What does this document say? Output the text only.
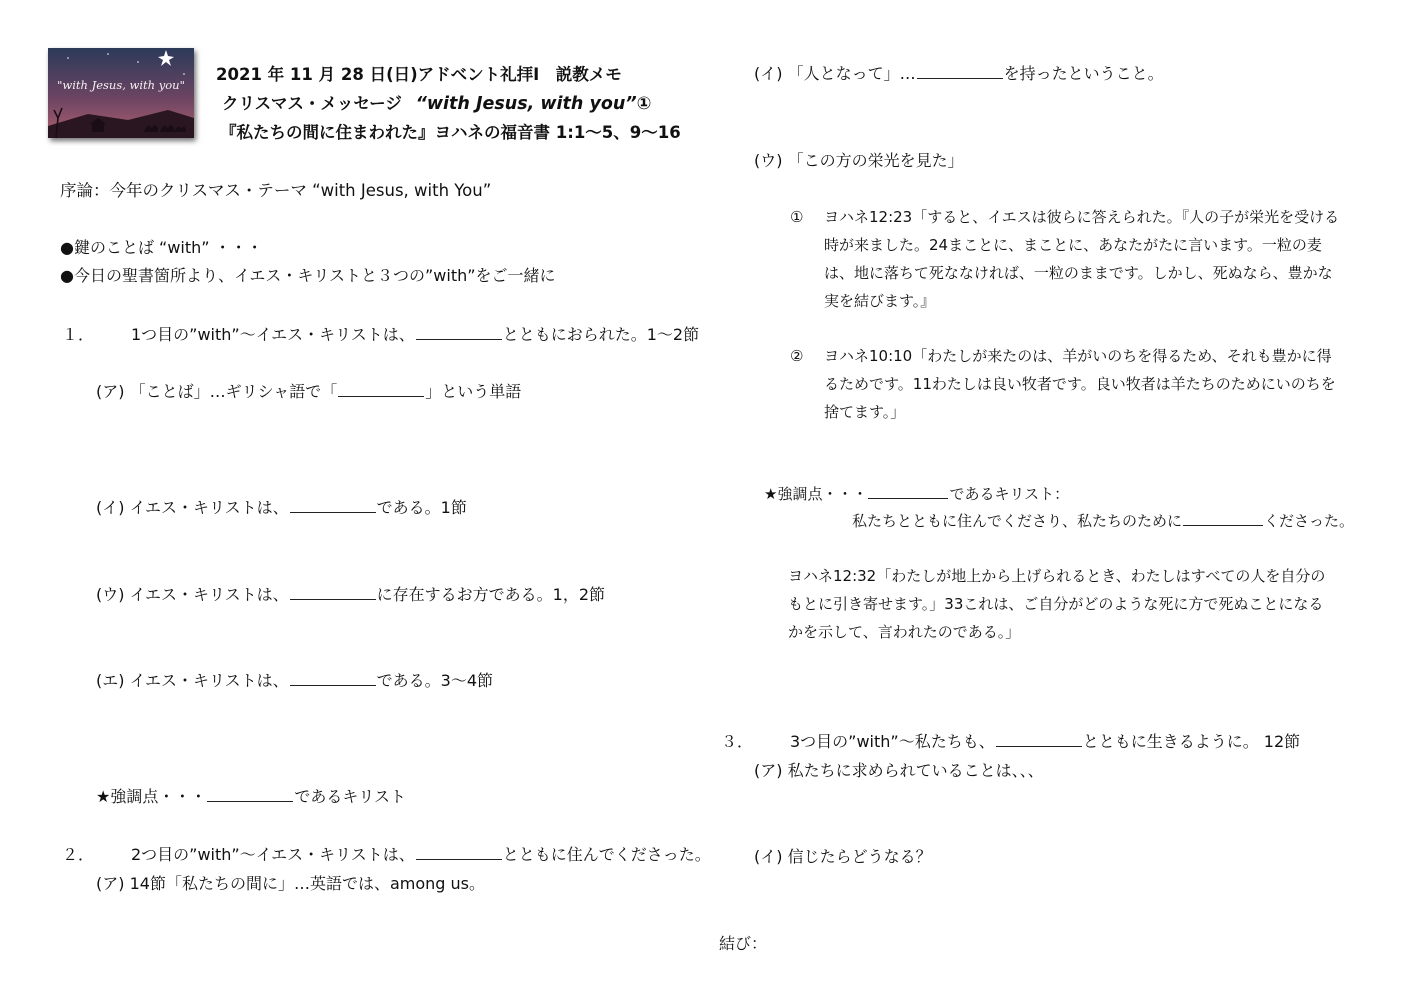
"with Jesus, with you"
2021 年 11 月 28 日(日)アドベント礼拝Ⅰ　説教メモ
クリスマス・メッセージ “with Jesus, with you”①
『私たちの間に住まわれた』ヨハネの福音書 1:1～5、9～16
序論：今年のクリスマス・テーマ “with Jesus, with You”
●鍵のことば “with” ・・・
●今日の聖書箇所より、イエス・キリストと３つの”with”をご一緒に
１． 1つ目の”with”～イエス・キリストは、	とともにおられた。1～2節
(ア) 「ことば」…ギリシャ語で「	」という単語
(イ) イエス・キリストは、	である。1節
(ウ) イエス・キリストは、	に存在するお方である。1，2節
(エ) イエス・キリストは、	である。3～4節
★強調点・・・	であるキリスト
２． 2つ目の”with”～イエス・キリストは、	とともに住んでくださった。
(ア) 14節「私たちの間に」…英語では、among us。
(イ) 「人となって」…	を持ったということ。
(ウ) 「この方の栄光を見た」
① ヨハネ12:23「すると、イエスは彼らに答えられた。『人の子が栄光を受ける時が来ました。24まことに、まことに、あなたがたに言います。一粒の麦は、地に落ちて死ななければ、一粒のままです。しかし、死ぬなら、豊かな実を結びます。』
② ヨハネ10:10「わたしが来たのは、羊がいのちを得るため、それも豊かに得るためです。11わたしは良い牧者です。良い牧者は羊たちのためにいのちを捨てます。」
★強調点・・・	であるキリスト：
私たちとともに住んでくださり、私たちのために	くださった。
ヨハネ12:32「わたしが地上から上げられるとき、わたしはすべての人を自分のもとに引き寄せます。」33これは、ご自分がどのような死に方で死ぬことになるかを示して、言われたのである。」
３． 3つ目の”with”～私たちも、	とともに生きるように。 12節
(ア) 私たちに求められていることは、、、
(イ) 信じたらどうなる？
結び：
